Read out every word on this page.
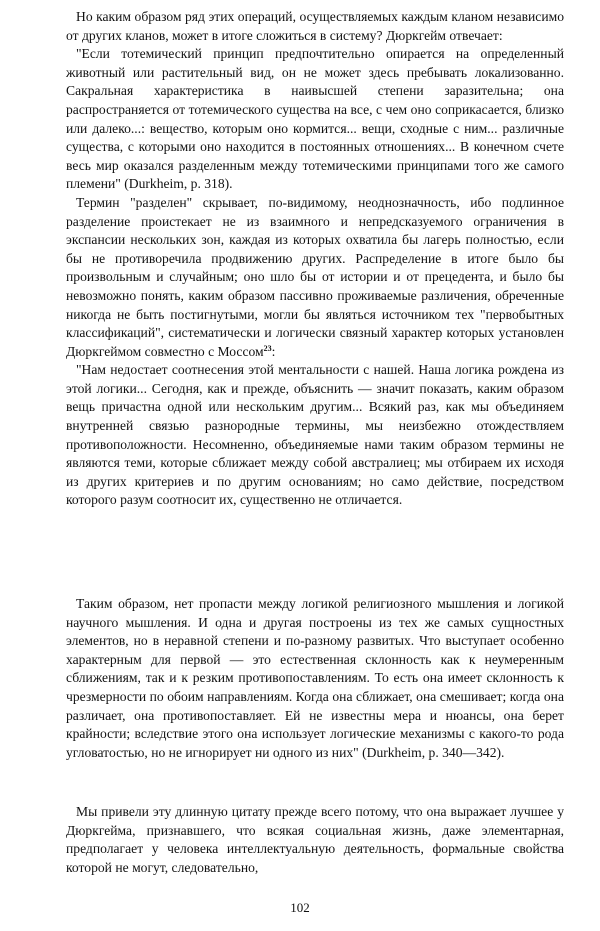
Но каким образом ряд этих операций, осуществляемых каждым кланом независимо от других кланов, может в итоге сложиться в систему? Дюркгейм отвечает:

"Если тотемический принцип предпочтительно опирается на определенный животный или растительный вид, он не может здесь пребывать локализованно. Сакральная характеристика в наивысшей степени заразительна; она распространяется от тотемического существа на все, с чем оно соприкасается, близко или далеко...: вещество, которым оно кормится... вещи, сходные с ним... различные существа, с которыми оно находится в постоянных отношениях... В конечном счете весь мир оказался разделенным между тотемическими принципами того же самого племени" (Durkheim, p. 318).

Термин "разделен" скрывает, по-видимому, неоднозначность, ибо подлинное разделение проистекает не из взаимного и непредсказуемого ограничения в экспансии нескольких зон, каждая из которых охватила бы лагерь полностью, если бы не противоречила продвижению других. Распределение в итоге было бы произвольным и случайным; оно шло бы от истории и от прецедента, и было бы невозможно понять, каким образом пассивно проживаемые различения, обреченные никогда не быть постигнутыми, могли бы являться источником тех "первобытных классификаций", систематически и логически связный характер которых установлен Дюркгеймом совместно с Моссом$^{23}$:

"Нам недостает соотнесения этой ментальности с нашей. Наша логика рождена из этой логики... Сегодня, как и прежде, объяснить — значит показать, каким образом вещь причастна одной или нескольким другим... Всякий раз, как мы объединяем внутренней связью разнородные термины, мы неизбежно отождествляем противоположности. Несомненно, объединяемые нами таким образом термины не являются теми, которые сближает между собой австралиец; мы отбираем их исходя из других критериев и по другим основаниям; но само действие, посредством которого разум соотносит их, существенно не отличается.

Таким образом, нет пропасти между логикой религиозного мышления и логикой научного мышления. И одна и другая построены из тех же самых сущностных элементов, но в неравной степени и по-разному развитых. Что выступает особенно характерным для первой — это естественная склонность как к неумеренным сближениям, так и к резким противопоставлениям. То есть она имеет склонность к чрезмерности по обоим направлениям. Когда она сближает, она смешивает; когда она различает, она противопоставляет. Ей не известны мера и нюансы, она берет крайности; вследствие этого она использует логические механизмы с какого-то рода угловатостью, но не игнорирует ни одного из них" (Durkheim, p. 340—342).

Мы привели эту длинную цитату прежде всего потому, что она выражает лучшее у Дюркгейма, признавшего, что всякая социальная жизнь, даже элементарная, предполагает у человека интеллектуальную деятельность, формальные свойства которой не могут, следовательно,

102
